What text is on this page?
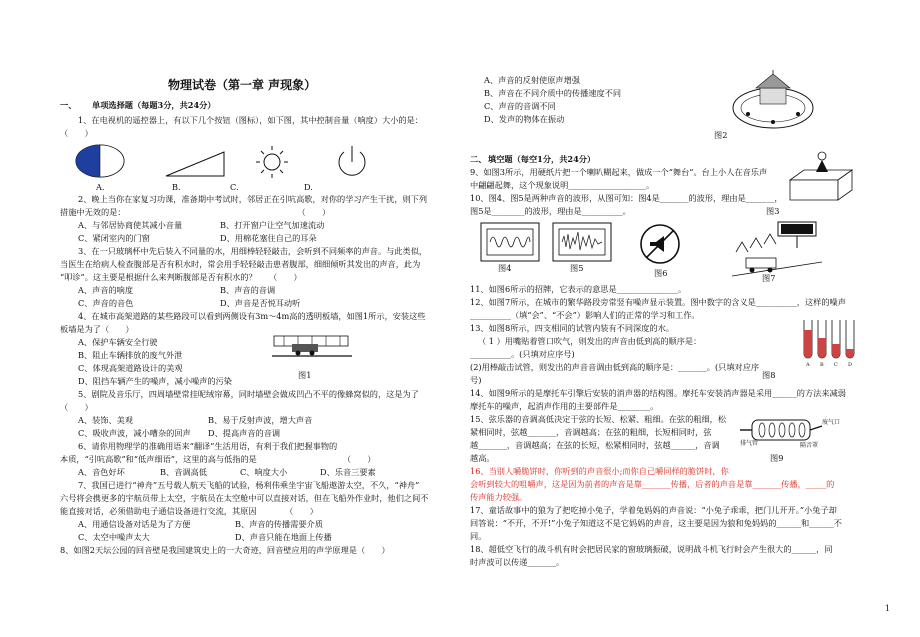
物理试卷（第一章 声现象）
一、 单项选择题（每题3分，共24分）
1、在电视机的遥控器上，有以下几个按钮（图标），如下图，其中控制音量（响度）大小的是：
（　　）
A.	B.	C.	D.
2、晚上当你在家复习功课，准备期中考试时，邻居正在引吭高歌，对你的学习产生干扰，则下列
措施中无效的是：　　　　　　　　　　　　　　　　　　　　　　（　　）
A、与邻居协商使其减小音量	B、打开窗户让空气加速流动
C、紧闭室内的门窗	D、用棉花塞住自己的耳朵
3、在一只玻璃杯中先后装入不同量的水，用细棒轻轻敲击，会听到不同频率的声音。与此类似，
当医生在给病人检查腹部是否有积水时，常会用手轻轻敲击患者腹部，细细倾听其发出的声音，此为
“叩诊”。这主要是根据什么来判断腹部是否有积水的？　　（　　）
A、声音的响度	B、声音的音调
C、声音的音色	D、声音是否悦耳动听
4、在城市高架道路的某些路段可以看到两侧设有3m～4m高的透明板墙，如图1所示，安装这些
板墙是为了（　　）
A、保护车辆安全行驶
B、阻止车辆排放的废气外泄
C、体现高架道路设计的美观
D、阻挡车辆产生的噪声，减小噪声的污染
图1
5、剧院及音乐厅，四周墙壁常挂呢绒帘幕，同时墙壁会做成凹凸不平的像蜂窝似的，这是为了
（　　）
A、装饰、美观	B、易于反射声波，增大声音
C、吸收声波，减小嘈杂的回声 D、提高声音的音调
6、请你用物理学的准确用语来“翻译”生活用语，有利于我们把握事物的
本质，“引吭高歌”和“低声细语”，这里的高与低指的是　　　　　　　　　　　（　　）
A、音色好坏	B、音调高低	C、响度大小	D、乐音三要素
7、我国已进行“神舟”五号载人航天飞船的试验，杨利伟乘坐宇宙飞船遨游太空，不久，“神舟”
六号将会携更多的宇航员带上太空，宇航员在太空舱中可以直接对话，但在飞船外作业时，他们之间不
能直接对话，必须借助电子通信设备进行交流，其原因　　　　（　　）
A、用通信设备对话是为了方便	B、声音的传播需要介质
C、太空中噪声太大	D、声音只能在地面上传播
8、如图2天坛公园的回音壁是我国建筑史上的一大奇迹，回音壁应用的声学原理是（　　）
A、声音的反射使原声增强
B、声音在不同介质中的传播速度不同
C、声音的音调不同
D、发声的物体在振动
图2
二、 填空题（每空1分，共24分）
9、如图3所示，用硬纸片把一个喇叭糊起来，做成一个“舞台”。台上小人在音乐声
中翩翩起舞，这个现象说明___________________。
图3
10、图4、图5是两种声音的波形，从图可知：图4是_______的波形，理由是_______，
图5是________的波形，理由是__________。
图4	图5	图6	图7
11、如图6所示的招牌，它表示的意思是_______________。
12、如图7所示，在城市的繁华路段旁常竖有噪声显示装置。图中数字的含义是__________，这样的噪声
__________（填“会”、“不会”）影响人们的正常的学习和工作。
13、如图8所示，四支相同的试管内装有不同深度的水。
（ 1 ）用嘴贴着管口吹气，则发出的声音由低到高的顺序是：
__________。(只填对应序号)
(2)用棒敲击试管，则发出的声音音调由低到高的顺序是：_______。(只填对应序
号)
A B C D
图8
14、如图9所示的是摩托车引擎后安装的消声器的结构图。摩托车安装消声器是采用______的方法来减弱
摩托车的噪声，起消声作用的主要部件是________。
15、弦乐器的音调高低决定于弦的长短、松紧、粗细。在弦的粗细，松
紧相同时，弦越_______，音调越高；在弦的粗细，长短相同时，弦
越_______，音调越高；在弦的长短，松紧相同时，弦越______，音调
越高。
废气口
排气管	隔音罩
图9
16、当别人嚼脆饼时，你听到的声音很小;而你自己嚼同样的脆饼时，你
会听到较大的咀嚼声，这是因为前者的声音是靠_______传播，后者的声音是靠_______传播，_____的
传声能力较强。
17、童话故事中的狼为了把吃掉小兔子，学着兔妈妈的声音说：“小兔子乖乖，把门儿开开。”小兔子却
回答说：“不开，不开!”小兔子知道这不是它妈妈的声音，这主要是因为狼和兔妈妈的______和______不
同。
18、超低空飞行的战斗机有时会把居民家的窗玻璃振破，说明战斗机飞行时会产生很大的______，同
时声波可以传递_______。
1
